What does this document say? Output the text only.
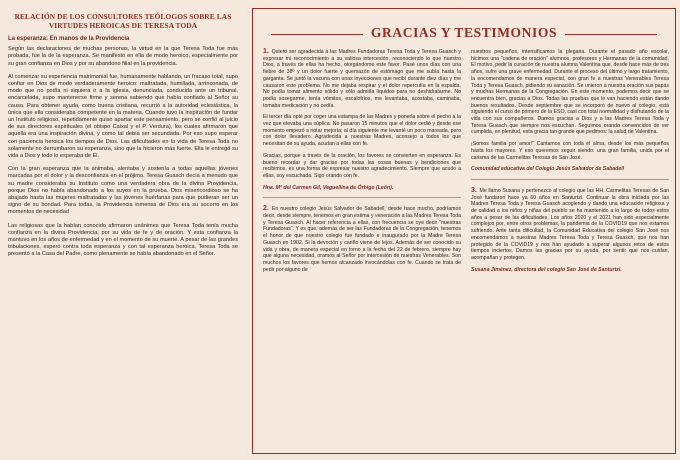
RELACIÓN DE LOS CONSULTORES TEÓLOGOS SOBRE LAS VIRTUDES HEROICAS DE TERESA TODA
La esperanza: En manos de la Providencia

Según las declaraciones de muchas personas, la virtud en la que Teresa Toda fue más probada, fue la de la esperanza. Se manifestó en ella de modo heroico, especialmente por su gran confianza en Dios y por su abandono filial en la providencia.

Al comenzar su experiencia matrimonial fue, humanamente hablando, un fracaso total, supo confiar en Dios de modo verdaderamente heroico: maltratada, humillada, arrinconada, de modo que no podía ni siquiera ir a la iglesia, denunciada, conducida ante un tribunal, encarcelada, supo mantenerse firme y serena sabiendo que había confiado al Señor su causa. Para obtener ayuda, como buena cristiana, recurrió a la autoridad eclesiástica, la única que ella consideraba competente en la materia. Cuando tuvo la inspiración de fundar un Instituto religioso, repetidamente quiso apartar este pensamiento, pero se confió al juicio de sus directores espirituales (el obispo Caixal y el P. Verdura), los cuales afirmaron que aquella era una inspiración divina, y como tal debía ser secundada. Por eso supo esperar con paciencia heroica los tiempos de Dios. Las dificultades en la vida de Teresa Toda no solamente no derrumbaron su esperanza, sino que la hicieron más fuerte. Ella le entregó su vida a Dios y todo lo esperaba de Él.

Con la gran esperanza que la animaba, alentaba y sostenía a todas aquellas jóvenes marcadas por el dolor y la desconfianza en el prójimo. Teresa Guasch decía a menudo que su madre consideraba su Instituto como una verdadera obra de la divina Providencia, porque Dios no había abandonado a los suyos en la prueba. Dios misericordioso se ha abajado hasta las mujeres maltratadas y las jóvenes huérfanas para que pudieran ser un signo de su bondad. Para todas, la Providencia inmensa de Dios era su socorro en los momentos de necesidad

Las religiosas que la habían conocido afirmaron unánimes que Teresa Toda tenía mucha confianza en la divina Providencia, por su vida de fe y de oración. Y esta confianza la mantuvo en los años de enfermedad y en el momento de su muerte. A pesar de las grandes tribulaciones, esperó contra toda esperanza y con tal esperanza heroica, Teresa Toda se presentó a la Casa del Padre, como plenamente se había abandonado en el Señor.

GRACIAS Y TESTIMONIOS

1. Quiero ser agradecida a las Madres Fundadoras Teresa Toda y Teresa Guasch y expresar mi reconocimiento a su valiosa intercesión, reconociendo lo que nuestro Dios, a través de ellas ha hecho, otorgándome este favor. Pasé unos días con una fiebre de 38º y un dolor fuerte y quemazón de estómago que me subía hasta la garganta. Se juntó la vacuna con unas inyecciones que recibí durante diez días y me causaron este problema. No me dejaba respirar y el dolor repercutía en la espalda. No podía tomar alimento sólido y sólo admitía líquidos para no deshidratarme. No podía sosegarme, tenía vómitos, escalofríos, me levantaba, acostaba, caminaba, tomaba medicación y no cedía.

El tercer día opté por coger una estampa de las Madres y ponerla sobre el pecho a la vez que elevaba una súplica. No pasaron 15 minutos que el dolor cedió y desde ese momento empezó a notar mejoría; al día siguiente me levanté un poco mareada, pero con dolor llevadero. Agradecida a nuestras Madres, aconsejo a todos los que necesitan de su ayuda, acudan a ellas con fe.

Gracias, porque a través de la oración, los favores se convierten en esperanza. Es bueno recordar y dar gracias por todas las cosas buenas y bendiciones que recibimos, es una forma de expresar nuestro agradecimiento. Siempre que acudo a ellas, soy escuchada. Sigo orando con fe.

Hna. Mª del Carmen Gil, Veguellina de Órbigo (León).

2. En nuestro colegio Jesús Salvador de Sabadell, desde hace mucho, podríamos decir, desde siempre, tenemos en gran estima y veneración a las Madres Teresa Toda y Teresa Guasch. Al hacer referencia a ellas, con frecuencia se oye decir "nuestras Fundadoras". Y es que, además de ser las Fundadoras de la Congregación, tenemos el honor de que nuestro colegio fue fundado e inaugurado por la Madre Teresa Guasch en 1902. Si la devoción y cariño viene de lejos. Además de ser conocido su vida y obra, de manera especial en torno a la fecha del 22 de febrero, siempre hay que alguna necesidad, oramos al Señor por intercesión de nuestras Venerables. Son muchos los favores que hemos alcanzado invocándolas con fe. Cuando se trata de pedir por alguno de

nuestros pequeños, intensificamos la plegaria. Durante el pasado año escolar, hicimos una "cadena de oración" alumnos, profesores y Hermanas de la comunidad. El motivo, pedir la curación de nuestra alumna Valentina que, desde hace más de tres años, sufre una grave enfermedad. Durante el proceso del último y largo tratamiento, la encomendamos de manera especial, con gran fe a nuestras Venerables Teresa Toda y Teresa Guasch, pidiendo su sanación. Se unieron a nuestra oración sus papás y muchas Hermanas de la Congregación. En este momento, podemos decir que se encuentra bien, gracias a Dios. Todas las pruebas que le van haciendo están dando buenos resultados. Desde septiembre que se incorporó de nuevo al colegio, está siguiendo el curso de primero de la ESO, casi con total normalidad y disfrutando de la vida con sus compañeros. Damos gracias a Dios y a las Madres Teresa Toda y Teresa Guasch que siempre nos escuchan. Seguimos orando convencidos de ver cumplida, en plenitud, esta gracia tan grande que pedimos: la salud de Valentina.

¡Somos familia por amor!" Cantamos con toda el alma, desde los más pequeños hasta los mayores. Y eso queremos seguir siendo: una gran familia, unida por el carisma de las Carmelitas Teresas de San José.

Comunidad educativa del Colegio Jesús Salvador de Sabadell

3. Me llamo Susana y pertenezco al colegio que las HH. Carmelitas Teresas de San José fundaron hace ya 60 años en Santurtzi. Continuar la obra iniciada por las Madres Teresa Toda y Teresa Guasch acogiendo y dando una educación religiosa y de calidad a los niños y niñas del pueblo se ha mantenido a lo largo de todos estos años a pesar de las dificultades. Los años 2020 y el 2021 han sido especialmente complejos por, entre otros problemas, la pandemia de la COVID19 que nos estamos sufriendo. Ante tanta dificultad, la Comunidad Educativa del colegio San José nos encomendamos a nuestras Madres Teresa Toda y Teresa Guasch, que nos han protegido de la COVID19 y nos han ayudado a superar algunos retos de estos tiempos inciertos. Damos las gracias por su ayuda, por sentir que nos cuidan, acompañan y protegen.

Susana Jiménez, directora del colegio San José de Santurtzi.
